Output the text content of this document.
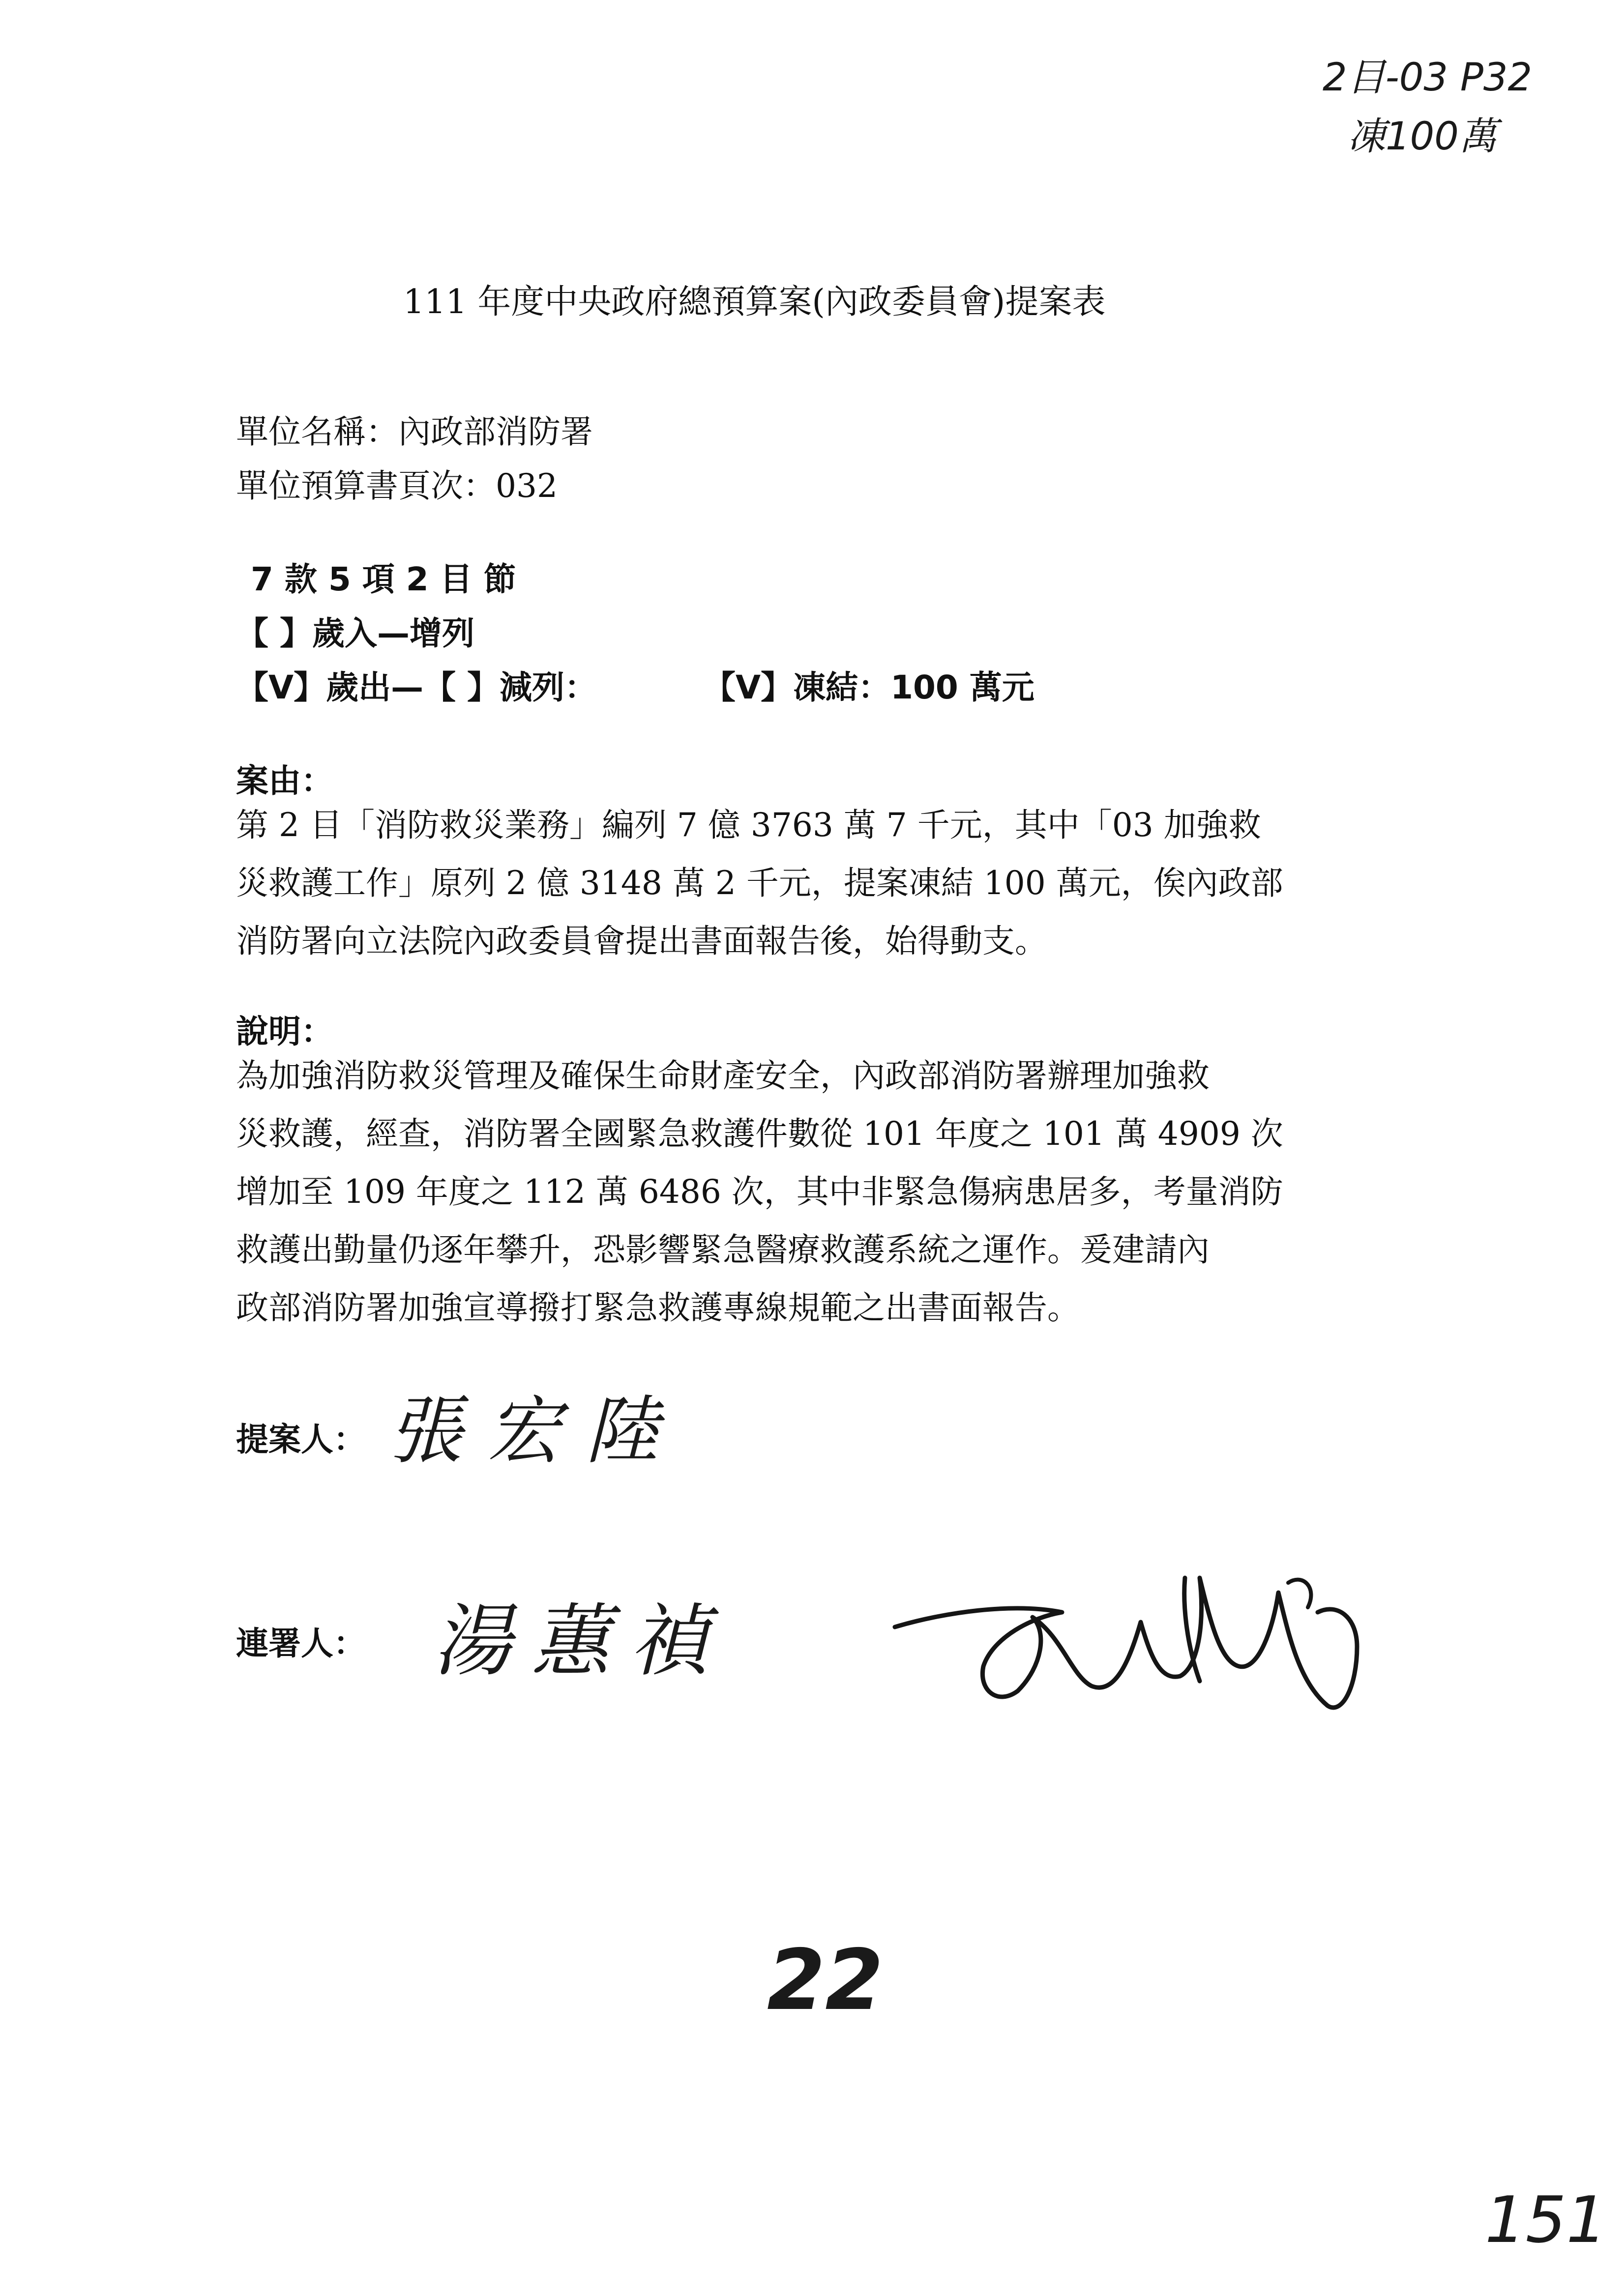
2目-03 P32
凍100萬
111 年度中央政府總預算案(內政委員會)提案表
單位名稱：內政部消防署
單位預算書頁次：032
7 款 5 項 2 目 節
【 】歲入—增列
【V】歲出—【 】減列：	【V】凍結：100 萬元
案由：
第 2 目「消防救災業務」編列 7 億 3763 萬 7 千元，其中「03 加強救
災救護工作」原列 2 億 3148 萬 2 千元，提案凍結 100 萬元，俟內政部
消防署向立法院內政委員會提出書面報告後，始得動支。
說明：
為加強消防救災管理及確保生命財產安全，內政部消防署辦理加強救
災救護，經查，消防署全國緊急救護件數從 101 年度之 101 萬 4909 次
增加至 109 年度之 112 萬 6486 次，其中非緊急傷病患居多，考量消防
救護出勤量仍逐年攀升，恐影響緊急醫療救護系統之運作。爰建請內
政部消防署加強宣導撥打緊急救護專線規範之出書面報告。
提案人： 張宏陸
連署人： 湯蕙禎
22
151
